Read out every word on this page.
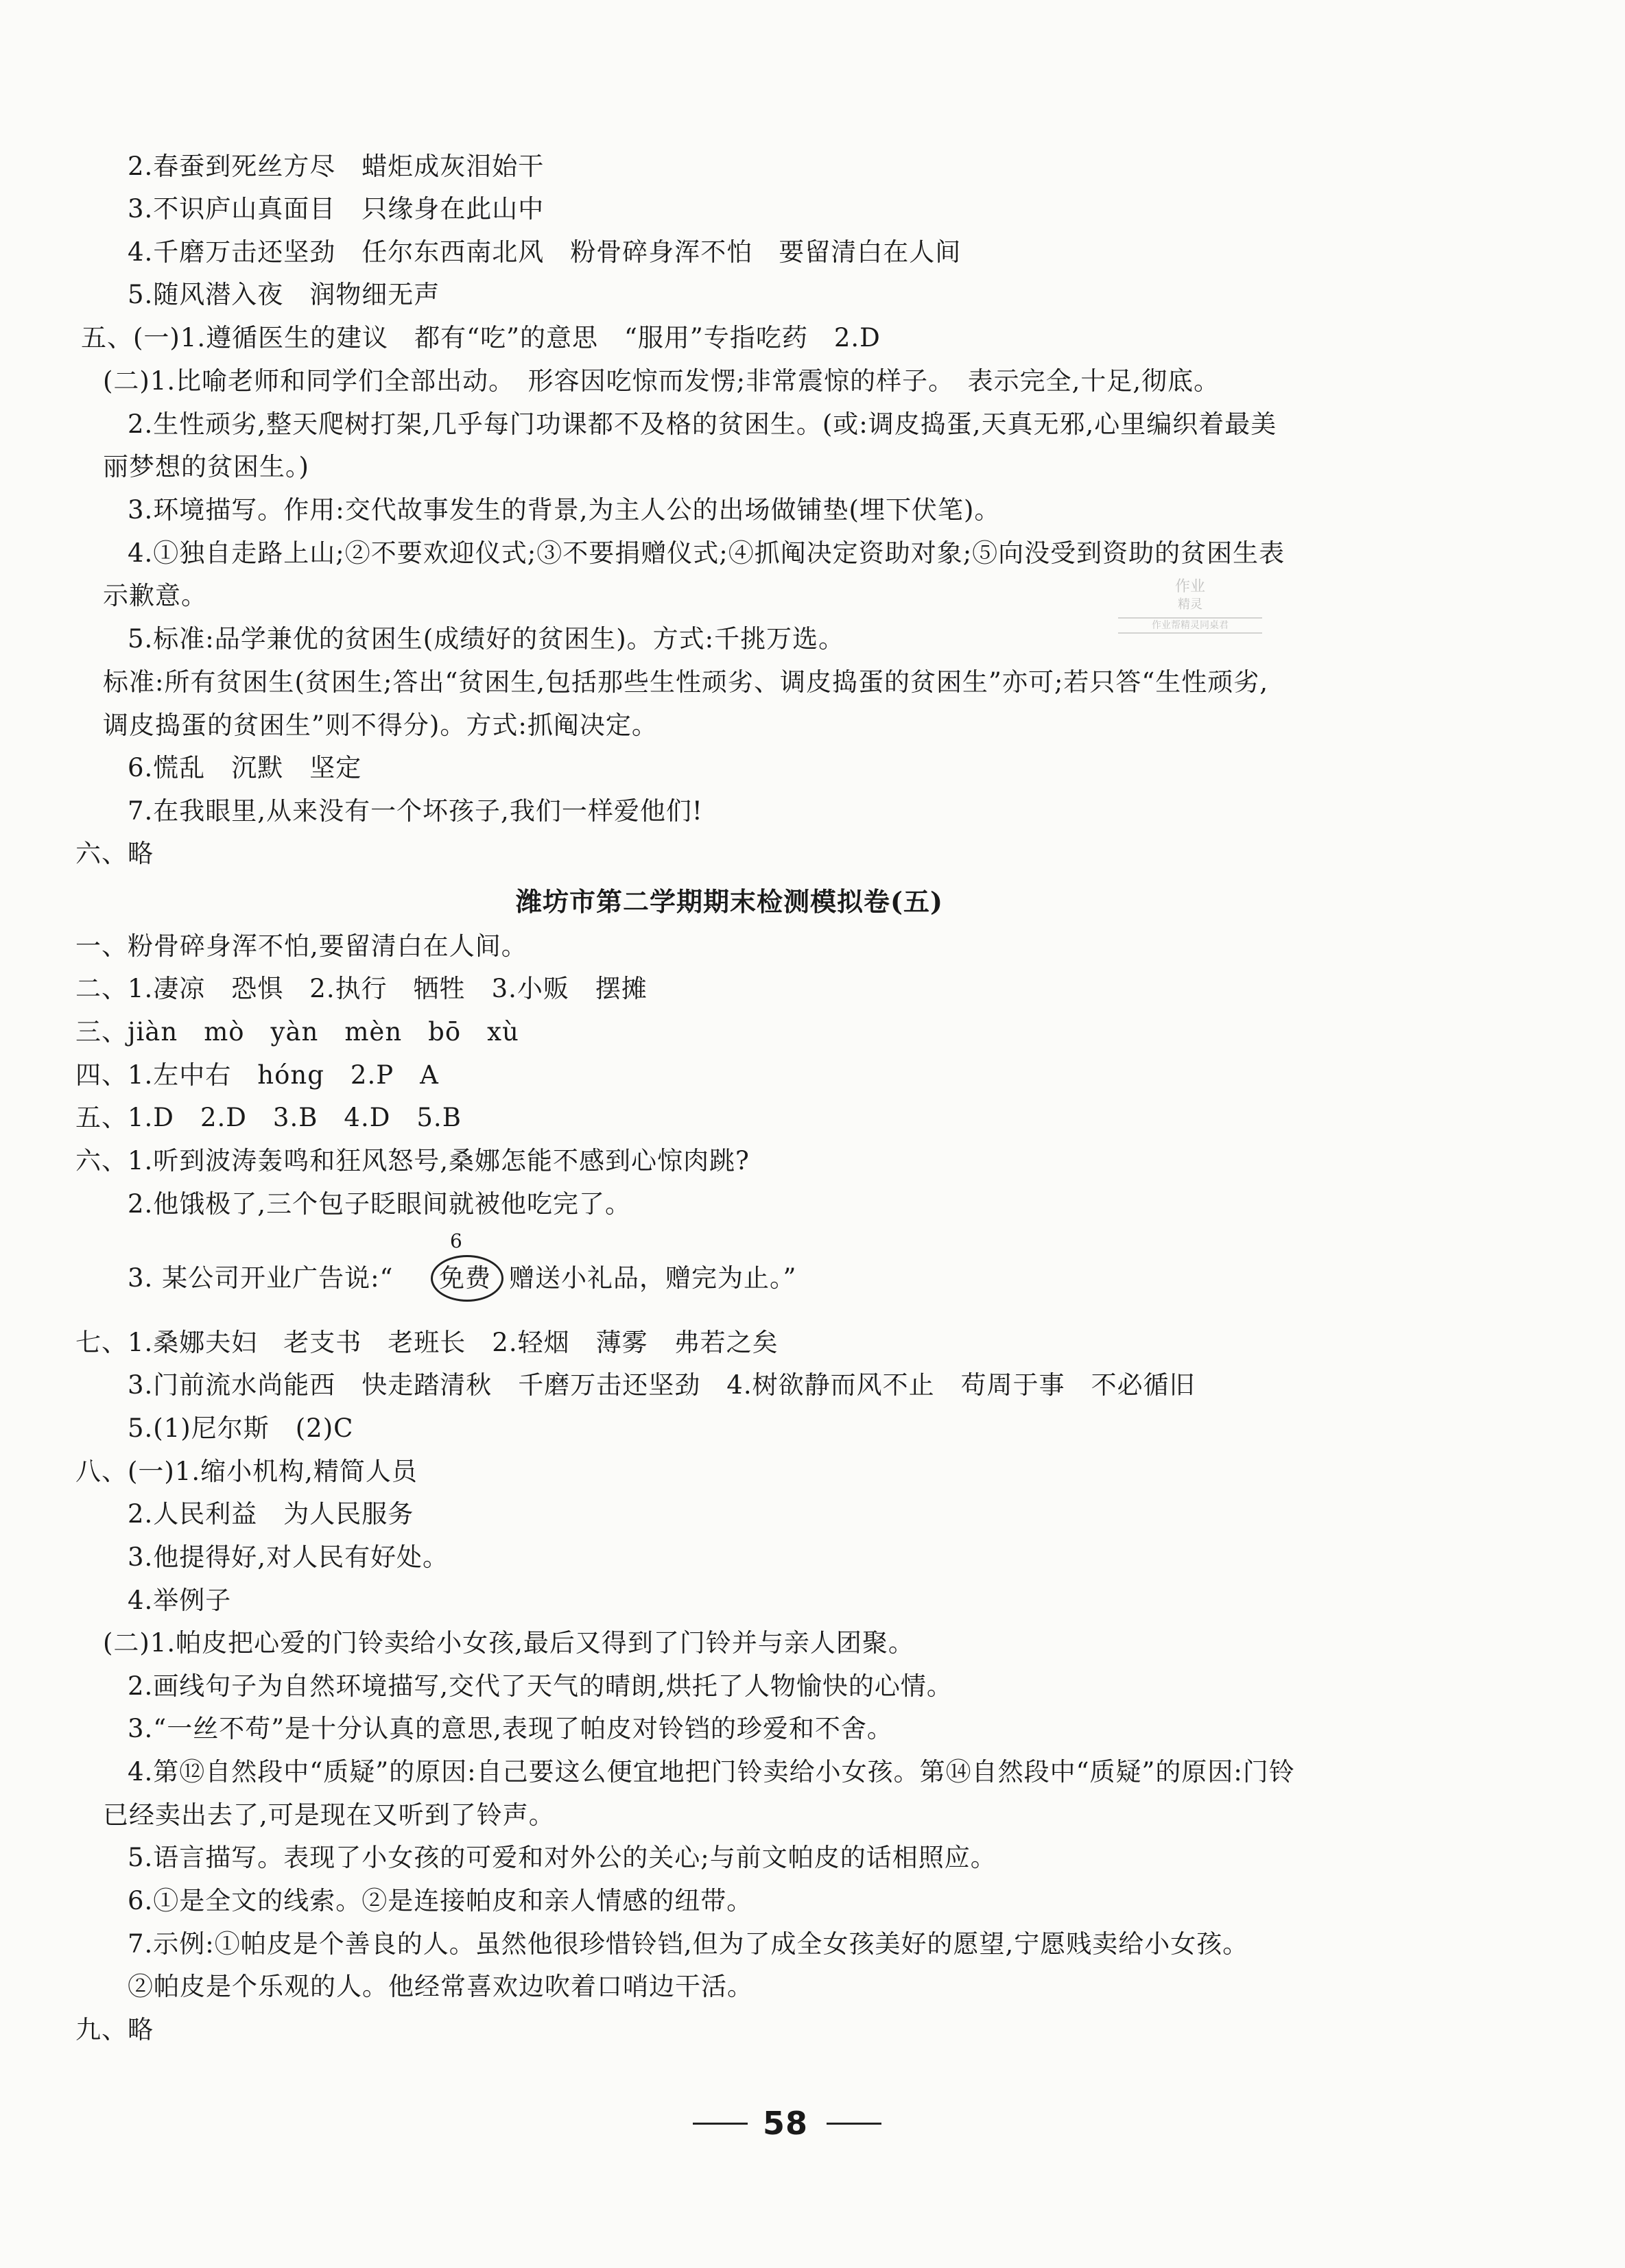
2.春蚕到死丝方尽　蜡炬成灰泪始干
3.不识庐山真面目　只缘身在此山中
4.千磨万击还坚劲　任尔东西南北风　粉骨碎身浑不怕　要留清白在人间
5.随风潜入夜　润物细无声
五、(一)1.遵循医生的建议　都有“吃”的意思　“服用”专指吃药　2.D
(二)1.比喻老师和同学们全部出动。　形容因吃惊而发愣;非常震惊的样子。　表示完全,十足,彻底。
2.生性顽劣,整天爬树打架,几乎每门功课都不及格的贫困生。(或:调皮捣蛋,天真无邪,心里编织着最美
丽梦想的贫困生。)
3.环境描写。作用:交代故事发生的背景,为主人公的出场做铺垫(埋下伏笔)。
4.①独自走路上山;②不要欢迎仪式;③不要捐赠仪式;④抓阄决定资助对象;⑤向没受到资助的贫困生表
示歉意。
5.标准:品学兼优的贫困生(成绩好的贫困生)。方式:千挑万选。
标准:所有贫困生(贫困生;答出“贫困生,包括那些生性顽劣、调皮捣蛋的贫困生”亦可;若只答“生性顽劣,
调皮捣蛋的贫困生”则不得分)。方式:抓阄决定。
6.慌乱　沉默　坚定
7.在我眼里,从来没有一个坏孩子,我们一样爱他们!
六、略
潍坊市第二学期期末检测模拟卷(五)
一、粉骨碎身浑不怕,要留清白在人间。
二、1.凄凉　恐惧　2.执行　牺牲　3.小贩　摆摊
三、jiàn　mò　yàn　mèn　bō　xù
四、1.左中右　hóng　2.P　A
五、1.D　2.D　3.B　4.D　5.B
六、1.听到波涛轰鸣和狂风怒号,桑娜怎能不感到心惊肉跳?
2.他饿极了,三个包子眨眼间就被他吃完了。
3. 某公司开业广告说:“ 免费
6
赠送小礼品，赠完为止。”
七、1.桑娜夫妇　老支书　老班长　2.轻烟　薄雾　弗若之矣
3.门前流水尚能西　快走踏清秋　千磨万击还坚劲　4.树欲静而风不止　苟周于事　不必循旧
5.(1)尼尔斯　(2)C
八、(一)1.缩小机构,精简人员
2.人民利益　为人民服务
3.他提得好,对人民有好处。
4.举例子
(二)1.帕皮把心爱的门铃卖给小女孩,最后又得到了门铃并与亲人团聚。
2.画线句子为自然环境描写,交代了天气的晴朗,烘托了人物愉快的心情。
3.“一丝不苟”是十分认真的意思,表现了帕皮对铃铛的珍爱和不舍。
4.第⑫自然段中“质疑”的原因:自己要这么便宜地把门铃卖给小女孩。第⑭自然段中“质疑”的原因:门铃
已经卖出去了,可是现在又听到了铃声。
5.语言描写。表现了小女孩的可爱和对外公的关心;与前文帕皮的话相照应。
6.①是全文的线索。②是连接帕皮和亲人情感的纽带。
7.示例:①帕皮是个善良的人。虽然他很珍惜铃铛,但为了成全女孩美好的愿望,宁愿贱卖给小女孩。
②帕皮是个乐观的人。他经常喜欢边吹着口哨边干活。
九、略
作业
精灵
作业帮精灵同桌君
58
